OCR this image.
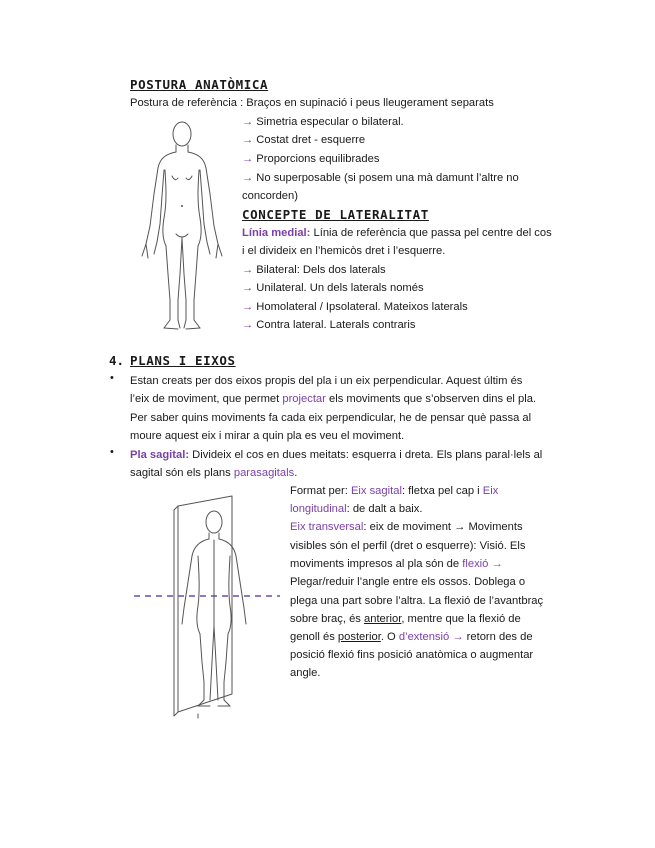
POSTURA ANATÒMICA
Postura de referència : Braços en supinació i peus lleugerament separats
→ Simetria especular o bilateral.
→ Costat dret - esquerre
→ Proporcions equilibrades
→ No superposable (si posem una mà damunt l’altre no
concorden)
CONCEPTE DE LATERALITAT
Línia medial: Línia de referència que passa pel centre del cos
i el divideix en l’hemicòs dret i l’esquerre.
→ Bilateral: Dels dos laterals
→ Unilateral. Un dels laterals només
→ Homolateral / Ipsolateral. Mateixos laterals
→ Contra lateral. Laterals contraris
4. PLANS I EIXOS
• Estan creats per dos eixos propis del pla i un eix perpendicular. Aquest últim és
l’eix de moviment, que permet projectar els moviments que s’observen dins el pla.
Per saber quins moviments fa cada eix perpendicular, he de pensar què passa al
moure aquest eix i mirar a quin pla es veu el moviment.
• Pla sagital: Divideix el cos en dues meitats: esquerra i dreta. Els plans paral·lels al
sagital són els plans parasagitals.
Format per: Eix sagital: fletxa pel cap i Eix
longitudinal: de dalt a baix.
Eix transversal: eix de moviment → Moviments
visibles són el perfil (dret o esquerre): Visió. Els
moviments impresos al pla són de flexió →
Plegar/reduir l’angle entre els ossos. Doblega o
plega una part sobre l’altra. La flexió de l’avantbraç
sobre braç, és anterior, mentre que la flexió de
genoll és posterior. O d’extensió → retorn des de
posició flexió fins posició anatòmica o augmentar
angle.
